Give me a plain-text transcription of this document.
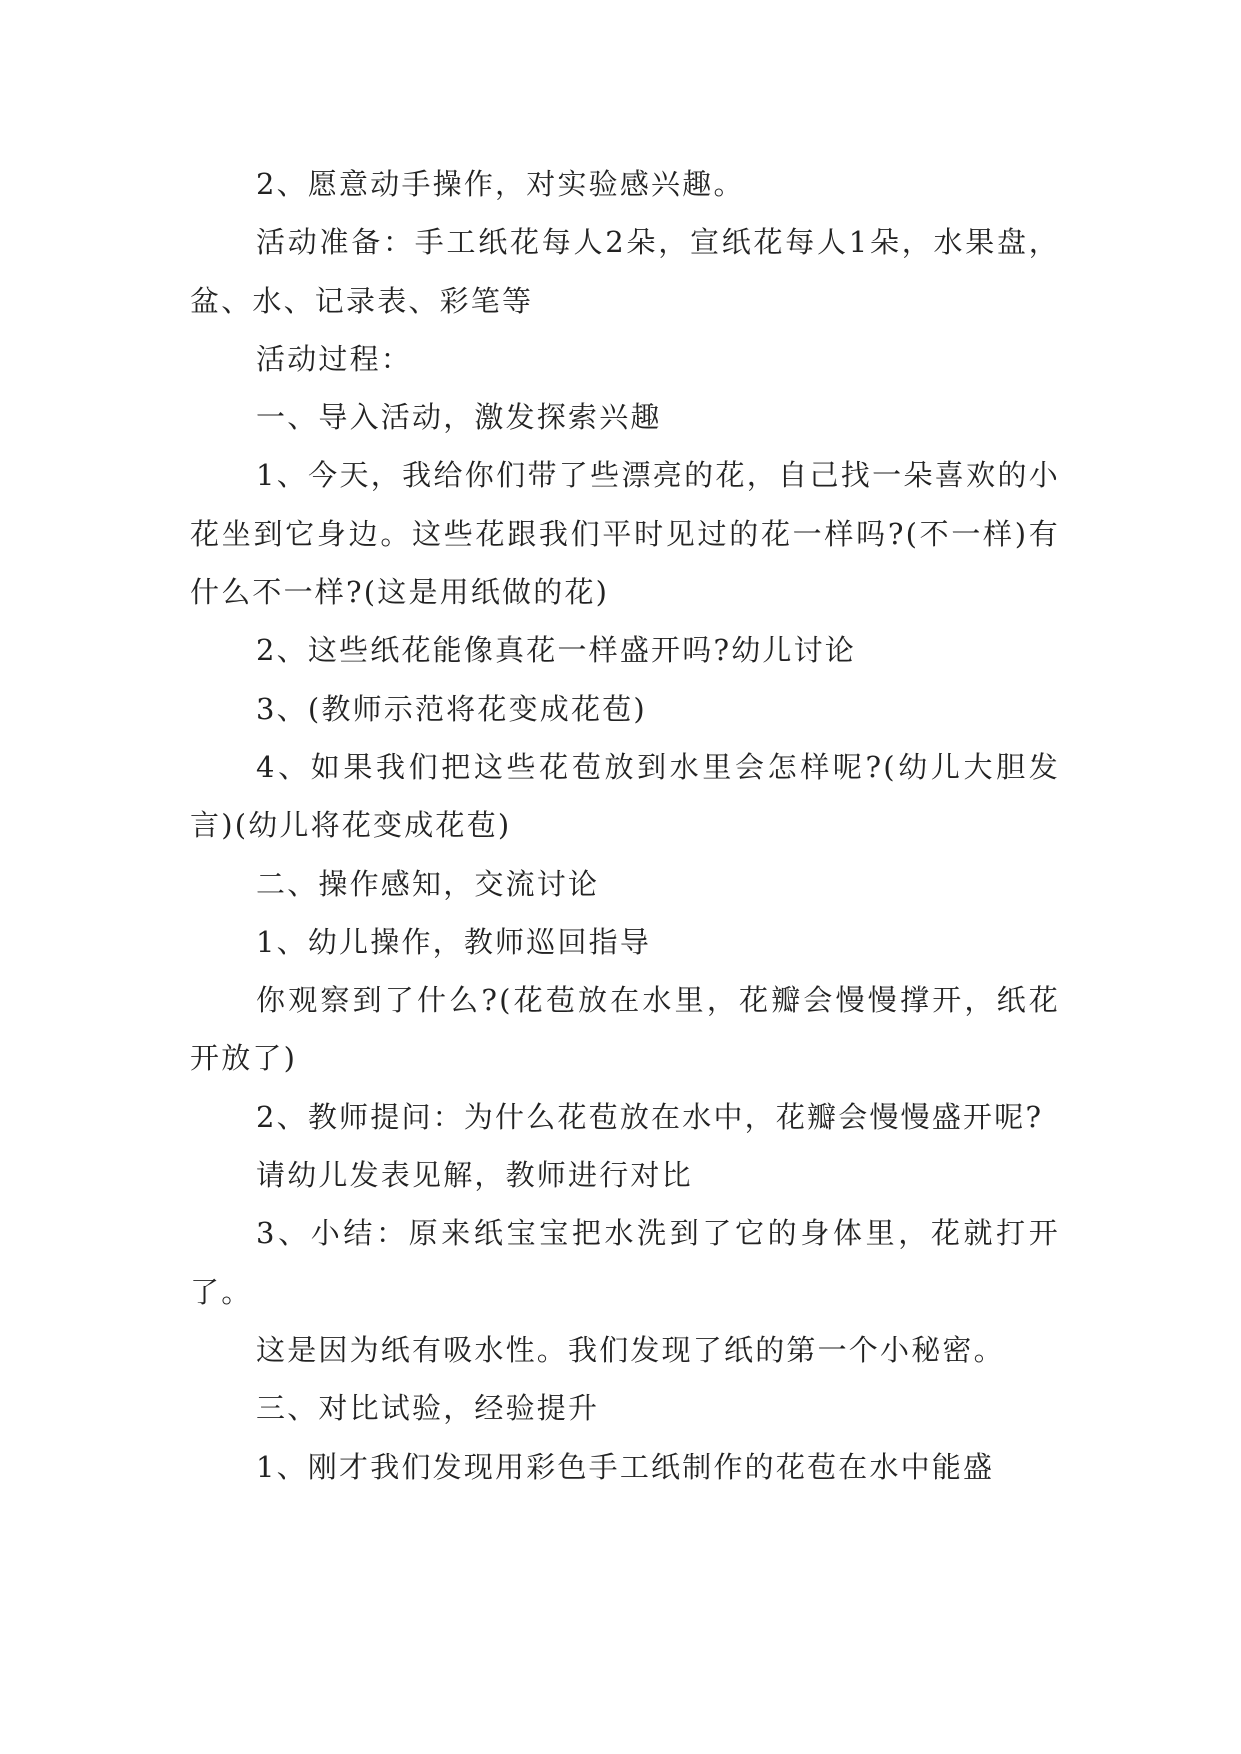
2、愿意动手操作，对实验感兴趣。

活动准备：手工纸花每人2朵，宣纸花每人1朵，水果盘，盆、水、记录表、彩笔等

活动过程：

一、导入活动，激发探索兴趣

1、今天，我给你们带了些漂亮的花，自己找一朵喜欢的小花坐到它身边。这些花跟我们平时见过的花一样吗?(不一样)有什么不一样?(这是用纸做的花)

2、这些纸花能像真花一样盛开吗?幼儿讨论

3、(教师示范将花变成花苞)

4、如果我们把这些花苞放到水里会怎样呢?(幼儿大胆发言)(幼儿将花变成花苞)

二、操作感知，交流讨论

1、幼儿操作，教师巡回指导

你观察到了什么?(花苞放在水里，花瓣会慢慢撑开，纸花开放了)

2、教师提问：为什么花苞放在水中，花瓣会慢慢盛开呢?

请幼儿发表见解，教师进行对比

3、小结：原来纸宝宝把水洗到了它的身体里，花就打开了。

这是因为纸有吸水性。我们发现了纸的第一个小秘密。

三、对比试验，经验提升

1、刚才我们发现用彩色手工纸制作的花苞在水中能盛
